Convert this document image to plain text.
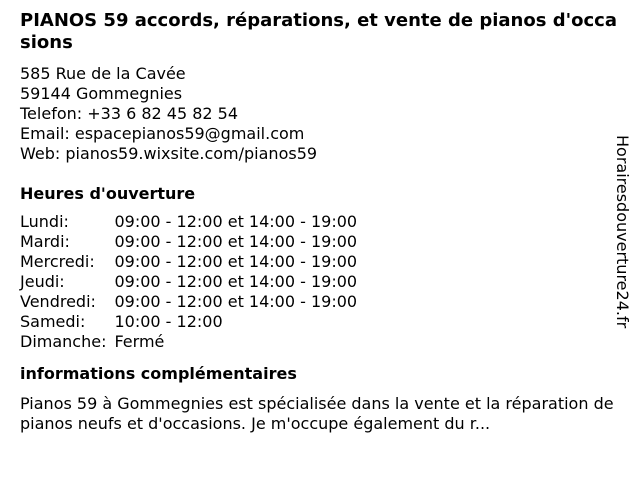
PIANOS 59 accords, réparations, et vente de pianos d'occasions
585 Rue de la Cavée
59144 Gommegnies
Telefon: +33 6 82 45 82 54
Email: espacepianos59@gmail.com
Web: pianos59.wixsite.com/pianos59
Heures d'ouverture
Lundi:	09:00 - 12:00 et 14:00 - 19:00
Mardi:	09:00 - 12:00 et 14:00 - 19:00
Mercredi:	09:00 - 12:00 et 14:00 - 19:00
Jeudi:	09:00 - 12:00 et 14:00 - 19:00
Vendredi:	09:00 - 12:00 et 14:00 - 19:00
Samedi:	10:00 - 12:00
Dimanche:	Fermé
informations complémentaires

Pianos 59 à Gommegnies est spécialisée dans la vente et la réparation de pianos neufs et d'occasions. Je m'occupe également du r...

Horairesdouverture24.fr
